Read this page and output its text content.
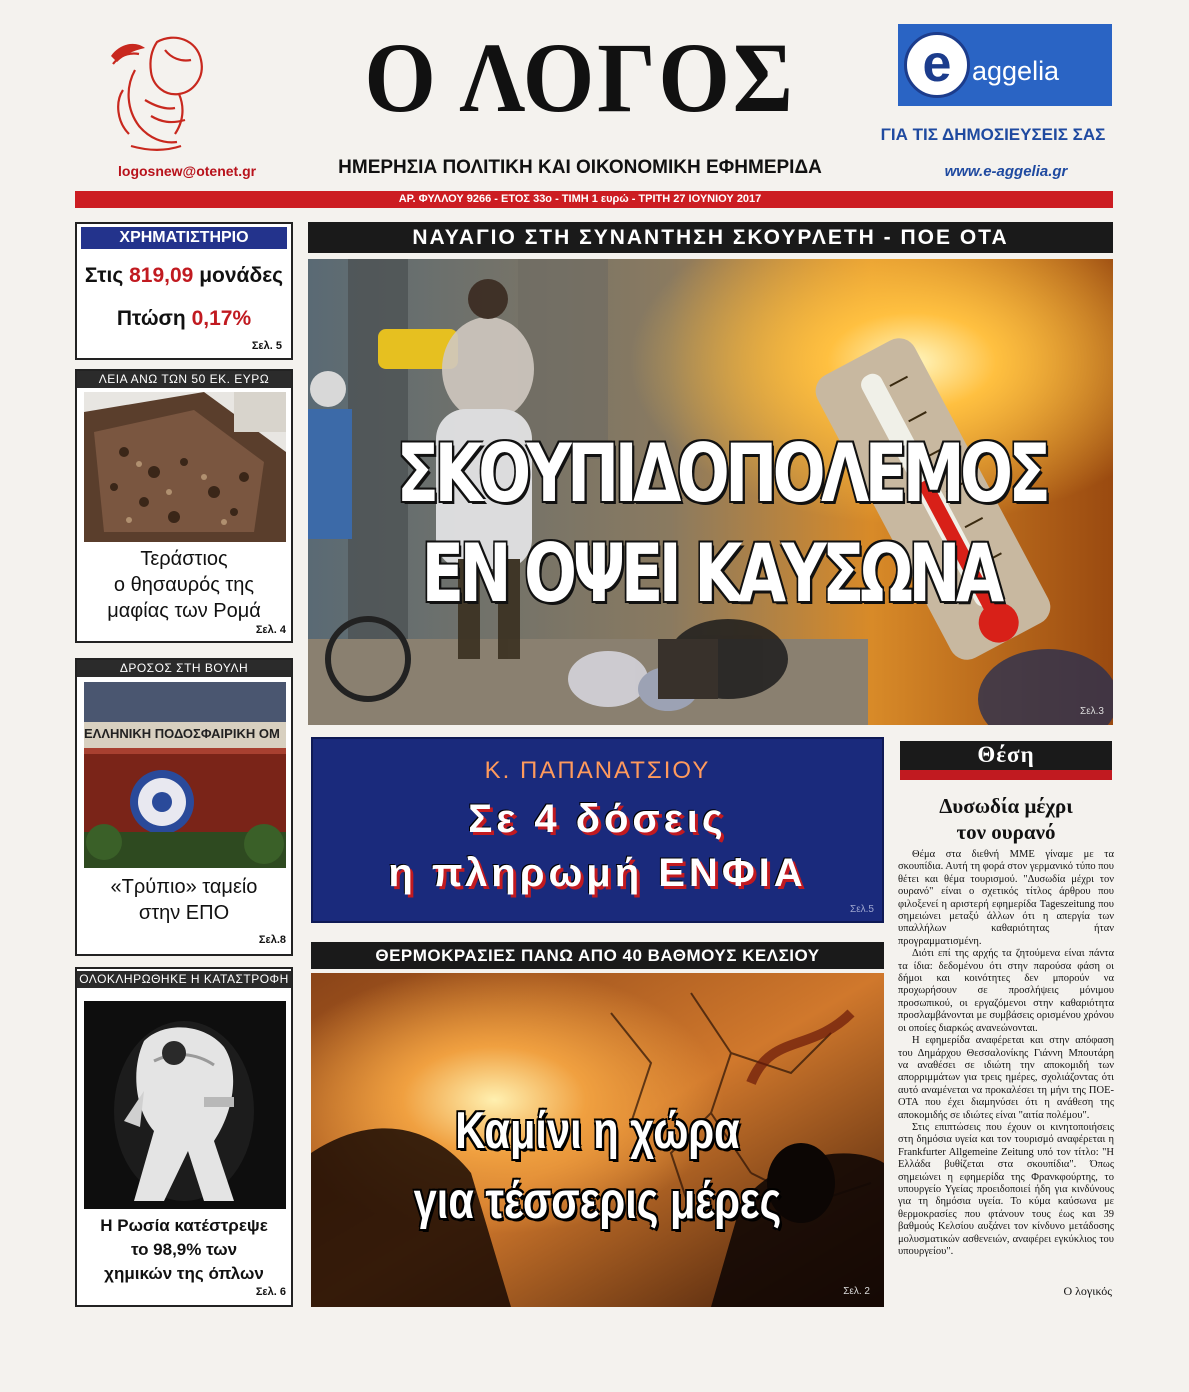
logosnew@otenet.gr
Ο ΛΟΓΟΣ
ΗΜΕΡΗΣΙΑ ΠΟΛΙΤΙΚΗ ΚΑΙ ΟΙΚΟΝΟΜΙΚΗ ΕΦΗΜΕΡΙΔΑ
e aggelia
ΓΙΑ ΤΙΣ ΔΗΜΟΣΙΕΥΣΕΙΣ ΣΑΣ
www.e-aggelia.gr
ΑΡ. ΦΥΛΛΟΥ 9266 - ΕΤΟΣ 33ο - ΤΙΜΗ 1 ευρώ - ΤΡΙΤΗ 27 ΙΟΥΝΙΟΥ 2017
ΧΡΗΜΑΤΙΣΤΗΡΙΟ
Στις 819,09 μονάδες
Πτώση 0,17%
Σελ. 5
ΛΕΙΑ ΑΝΩ ΤΩΝ 50 ΕΚ. ΕΥΡΩ
Τεράστιος
ο θησαυρός της
μαφίας των Ρομά
Σελ. 4
ΔΡΟΣΟΣ ΣΤΗ ΒΟΥΛΗ
ΕΛΛΗΝΙΚΗ ΠΟΔΟΣΦΑΙΡΙΚΗ ΟΜ
«Τρύπιο» ταμείο
στην ΕΠΟ
Σελ.8
ΟΛΟΚΛΗΡΩΘΗΚΕ Η ΚΑΤΑΣΤΡΟΦΗ
Η Ρωσία κατέστρεψε
το 98,9% των
χημικών της όπλων
Σελ. 6
ΝΑΥΑΓΙΟ ΣΤΗ ΣΥΝΑΝΤΗΣΗ ΣΚΟΥΡΛΕΤΗ - ΠΟΕ ΟΤΑ
ΣΚΟΥΠΙΔΟΠΟΛΕΜΟΣ
ΕΝ ΟΨΕΙ ΚΑΥΣΩΝΑ
Σελ.3
Κ. ΠΑΠΑΝΑΤΣΙΟΥ
Σε 4 δόσεις
η πληρωμή ΕΝΦΙΑ
Σελ.5
ΘΕΡΜΟΚΡΑΣΙΕΣ ΠΑΝΩ ΑΠΟ 40 ΒΑΘΜΟΥΣ ΚΕΛΣΙΟΥ
Καμίνι η χώρα
για τέσσερις μέρες
Σελ. 2
Θέση
Δυσωδία μέχρι
τον ουρανό

Θέμα στα διεθνή ΜΜΕ γίναμε με τα σκουπίδια. Αυτή τη φορά στον γερμανικό τύπο που θέτει και θέμα τουρισμού. "Δυσωδία μέχρι τον ουρανό" είναι ο σχετικός τίτλος άρθρου που φιλοξενεί η αριστερή εφημερίδα Tageszeitung που σημειώνει μεταξύ άλλων ότι η απεργία των υπαλλήλων καθαριότητας ήταν προγραμματισμένη.

Διότι επί της αρχής τα ζητούμενα είναι πάντα τα ίδια: δεδομένου ότι στην παρούσα φάση οι δήμοι και κοινότητες δεν μπορούν να προχωρήσουν σε προσλήψεις μόνιμου προσωπικού, οι εργαζόμενοι στην καθαριότητα προσλαμβάνονται με συμβάσεις ορισμένου χρόνου οι οποίες διαρκώς ανανεώνονται.

Η εφημερίδα αναφέρεται και στην απόφαση του Δημάρχου Θεσσαλονίκης Γιάννη Μπουτάρη να αναθέσει σε ιδιώτη την αποκομιδή των απορριμμάτων για τρεις ημέρες, σχολιάζοντας ότι αυτό αναμένεται να προκαλέσει τη μήνι της ΠΟΕ-ΟΤΑ που έχει διαμηνύσει ότι η ανάθεση της αποκομιδής σε ιδιώτες είναι "αιτία πολέμου".

Στις επιπτώσεις που έχουν οι κινητοποιήσεις στη δημόσια υγεία και τον τουρισμό αναφέρεται η Frankfurter Allgemeine Zeitung υπό τον τίτλο: "Η Ελλάδα βυθίζεται στα σκουπίδια". Όπως σημειώνει η εφημερίδα της Φρανκφούρτης, το υπουργείο Υγείας προειδοποιεί ήδη για κινδύνους για τη δημόσια υγεία. Το κύμα καύσωνα με θερμοκρασίες που φτάνουν τους έως και 39 βαθμούς Κελσίου αυξάνει τον κίνδυνο μετάδοσης μολυσματικών ασθενειών, αναφέρει εγκύκλιος του υπουργείου".

Ο λογικός
